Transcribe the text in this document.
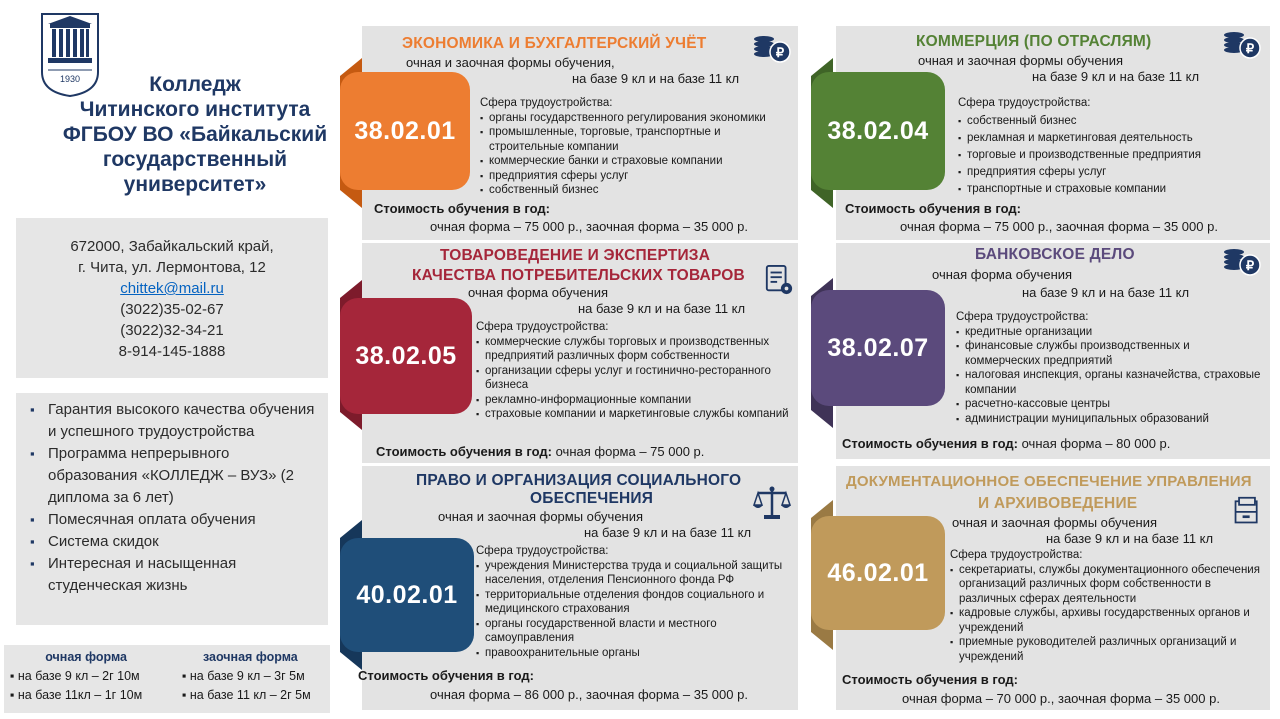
1930	Колледж
Читинского института
ФГБОУ ВО «Байкальский
государственный
университет»
672000, Забайкальский край,
г. Чита, ул. Лермонтова, 12
chittek@mail.ru
(3022)35-02-67
(3022)32-34-21
8-914-145-1888
▪ Гарантия высокого качества обучения и успешного трудоустройства
▪ Программа непрерывного образования «КОЛЛЕДЖ – ВУЗ» (2 диплома за 6 лет)
▪ Помесячная оплата обучения
▪ Система скидок
▪ Интересная и насыщенная студенческая жизнь
очная форма
▪ на базе 9 кл – 2г 10м
▪ на базе 11кл – 1г 10м
заочная форма
▪ на базе 9 кл – 3г 5м
▪ на базе 11 кл – 2г 5м
38.02.01
ЭКОНОМИКА И БУХГАЛТЕРСКИЙ УЧЁТ
₽
очная и заочная формы обучения,
на базе 9 кл и на базе 11 кл
Сфера трудоустройства:
▪ органы государственного регулирования экономики
▪ промышленные, торговые, транспортные и строительные компании
▪ коммерческие банки и страховые компании
▪ предприятия сферы услуг
▪ собственный бизнес
Стоимость обучения в год:
очная форма – 75 000 р., заочная форма – 35 000 р.
38.02.04
КОММЕРЦИЯ (ПО ОТРАСЛЯМ)	₽
очная и заочная формы обучения
на базе 9 кл и на базе 11 кл
Сфера трудоустройства:
▪ собственный бизнес
▪ рекламная и маркетинговая деятельность
▪ торговые и производственные предприятия
▪ предприятия сферы услуг
▪ транспортные и страховые компании
Стоимость обучения в год:
очная форма – 75 000 р., заочная форма – 35 000 р.
38.02.05
ТОВАРОВЕДЕНИЕ И ЭКСПЕРТИЗА
КАЧЕСТВА ПОТРЕБИТЕЛЬСКИХ ТОВАРОВ
очная форма обучения
на базе 9 кл и на базе 11 кл
Сфера трудоустройства:
▪ коммерческие службы торговых и производственных предприятий различных форм собственности
▪ организации сферы услуг и гостинично-ресторанного бизнеса
▪ рекламно-информационные компании
▪ страховые компании и маркетинговые службы компаний
Стоимость обучения в год: очная форма – 75 000 р.
38.02.07
БАНКОВСКОЕ ДЕЛО
₽
очная форма обучения
на базе 9 кл и на базе 11 кл
Сфера трудоустройства:
▪ кредитные организации
▪ финансовые службы производственных и коммерческих предприятий
▪ налоговая инспекция, органы казначейства, страховые компании
▪ расчетно-кассовые центры
▪ администрации муниципальных образований
Стоимость обучения в год: очная форма – 80 000 р.
40.02.01
ПРАВО И ОРГАНИЗАЦИЯ СОЦИАЛЬНОГО
ОБЕСПЕЧЕНИЯ
очная и заочная формы обучения
на базе 9 кл и на базе 11 кл
Сфера трудоустройства:
▪ учреждения Министерства труда и социальной защиты населения, отделения Пенсионного фонда РФ
▪ территориальные отделения фондов социального и медицинского страхования
▪ органы государственной власти и местного самоуправления
▪ правоохранительные органы
Стоимость обучения в год:
очная форма – 86 000 р., заочная форма – 35 000 р.
46.02.01
ДОКУМЕНТАЦИОННОЕ ОБЕСПЕЧЕНИЕ УПРАВЛЕНИЯ
И АРХИВОВЕДЕНИЕ
очная и заочная формы обучения
на базе 9 кл и на базе 11 кл
Сфера трудоустройства:
▪ секретариаты, службы документационного обеспечения организаций различных форм собственности в различных сферах деятельности
▪ кадровые службы, архивы государственных органов и учреждений
▪ приемные руководителей различных организаций и учреждений
Стоимость обучения в год:
очная форма – 70 000 р., заочная форма – 35 000 р.
